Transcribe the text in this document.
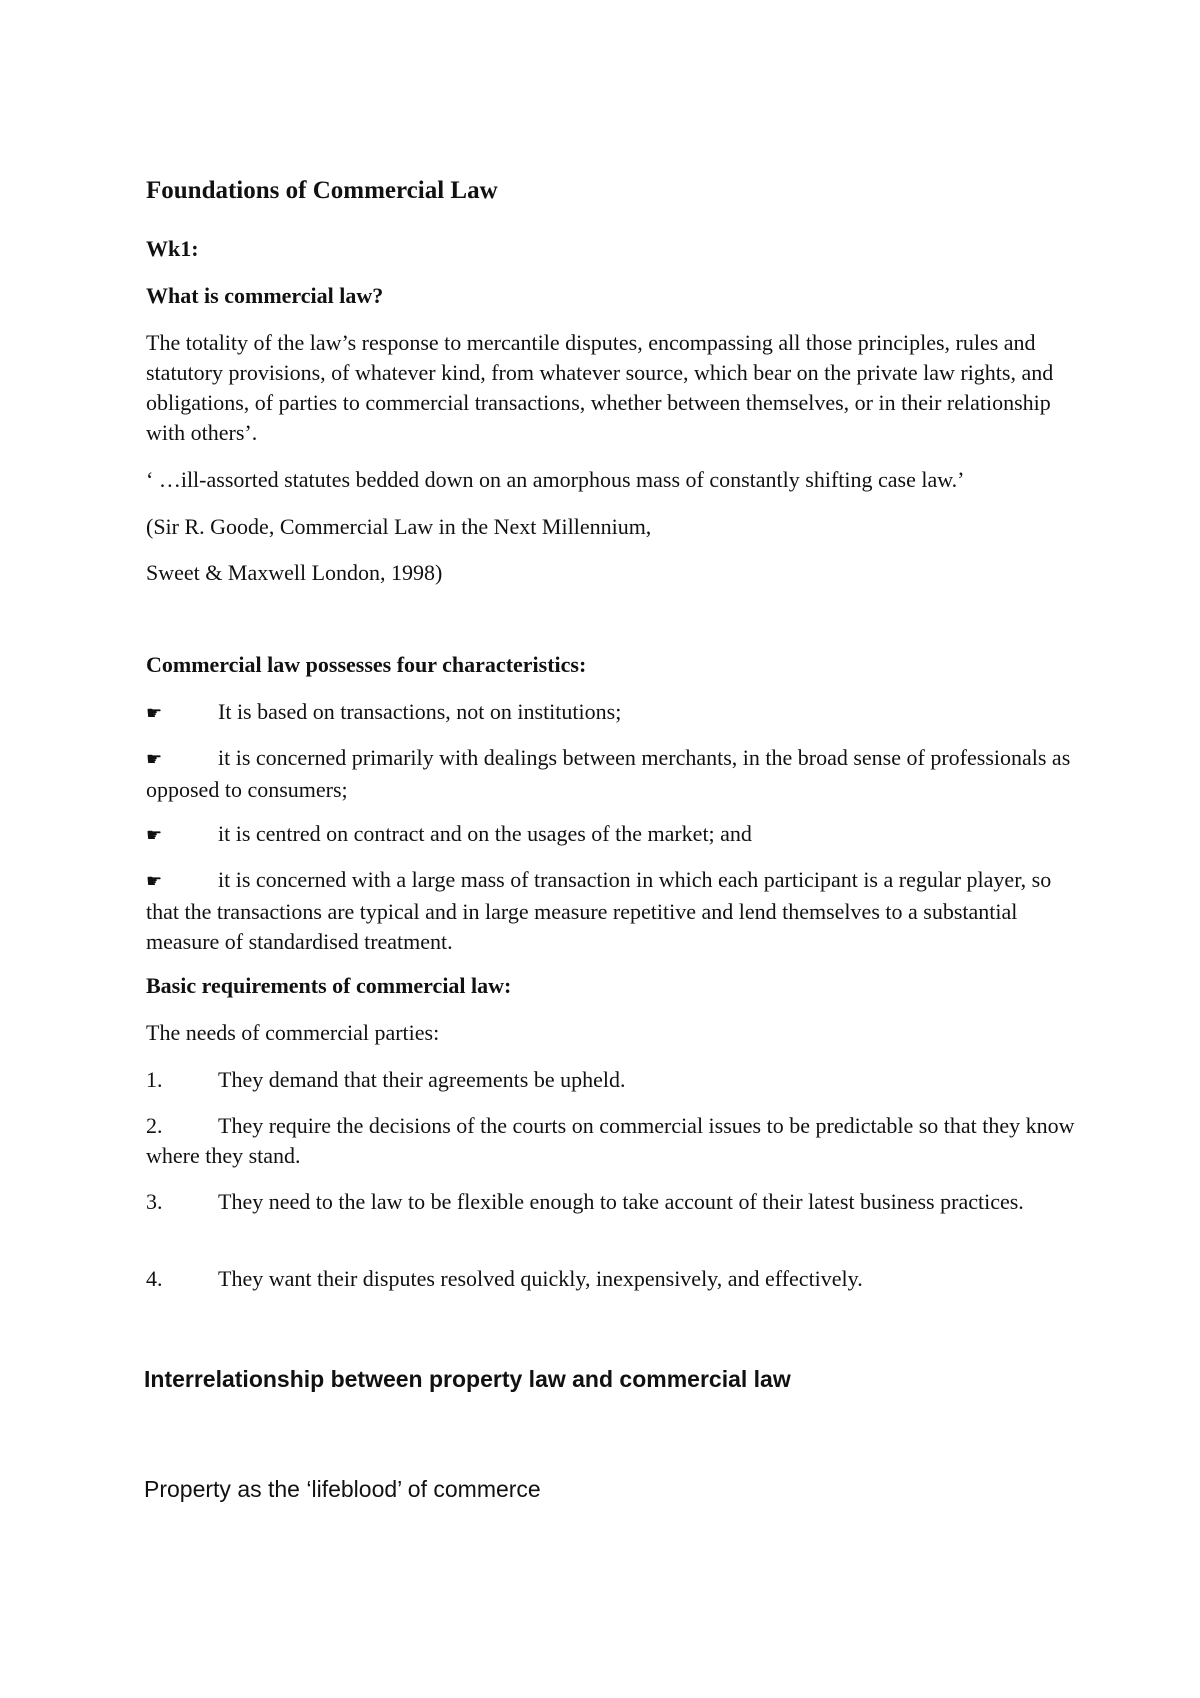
Foundations of Commercial Law
Wk1:
What is commercial law?
The totality of the law’s response to mercantile disputes, encompassing all those principles, rules and statutory provisions, of whatever kind, from whatever source, which bear on the private law rights, and obligations, of parties to commercial transactions, whether between themselves, or in their relationship with others’.
‘ …ill-assorted statutes bedded down on an amorphous mass of constantly shifting case law.’
(Sir R. Goode, Commercial Law in the Next Millennium,
Sweet & Maxwell London, 1998)
Commercial law possesses four characteristics:
☛	It is based on transactions, not on institutions;
☛	it is concerned primarily with dealings between merchants, in the broad sense of professionals as opposed to consumers;
☛	it is centred on contract and on the usages of the market; and
☛	it is concerned with a large mass of transaction in which each participant is a regular player, so that the transactions are typical and in large measure repetitive and lend themselves to a substantial measure of standardised treatment.
Basic requirements of commercial law:
The needs of commercial parties:
1.	They demand that their agreements be upheld.
2.	They require the decisions of the courts on commercial issues to be predictable so that they know where they stand.
3.	They need to the law to be flexible enough to take account of their latest business practices.
4.	They want their disputes resolved quickly, inexpensively, and effectively.
Interrelationship between property law and commercial law
Property as the ‘lifeblood’ of commerce
